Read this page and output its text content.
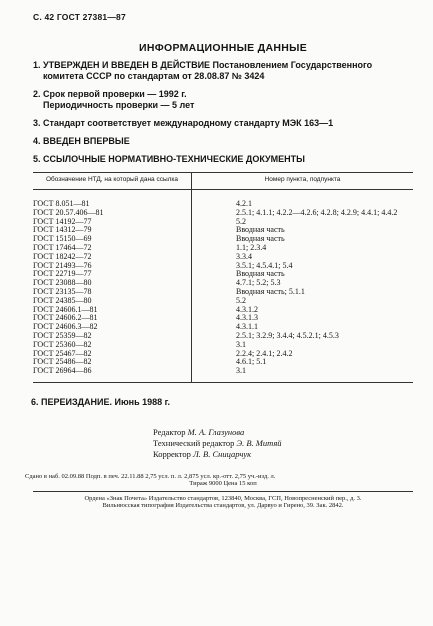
С. 42 ГОСТ 27381—87
ИНФОРМАЦИОННЫЕ ДАННЫЕ
1. УТВЕРЖДЕН И ВВЕДЕН В ДЕЙСТВИЕ Постановлением Государственного комитета СССР по стандартам от 28.08.87 № 3424
2. Срок первой проверки — 1992 г.
Периодичность проверки — 5 лет
3. Стандарт соответствует международному стандарту МЭК 163—1
4. ВВЕДЕН ВПЕРВЫЕ
5. ССЫЛОЧНЫЕ НОРМАТИВНО-ТЕХНИЧЕСКИЕ ДОКУМЕНТЫ
Обозначение НТД, на который дана ссылка	Номер пункта, подпункта
ГОСТ 8.051—81	4.2.1
ГОСТ 20.57.406—81	2.5.1; 4.1.1; 4.2.2—4.2.6; 4.2.8; 4.2.9; 4.4.1; 4.4.2
ГОСТ 14192—77	5.2
ГОСТ 14312—79	Вводная часть
ГОСТ 15150—69	Вводная часть
ГОСТ 17464—72	1.1; 2.3.4
ГОСТ 18242—72	3.3.4
ГОСТ 21493—76	3.5.1; 4.5.4.1; 5.4
ГОСТ 22719—77	Вводная часть
ГОСТ 23088—80	4.7.1; 5.2; 5.3
ГОСТ 23135—78	Вводная часть; 5.1.1
ГОСТ 24385—80	5.2
ГОСТ 24606.1—81	4.3.1.2
ГОСТ 24606.2—81	4.3.1.3
ГОСТ 24606.3—82	4.3.1.1
ГОСТ 25359—82	2.5.1; 3.2.9; 3.4.4; 4.5.2.1; 4.5.3
ГОСТ 25360—82	3.1
ГОСТ 25467—82	2.2.4; 2.4.1; 2.4.2
ГОСТ 25486—82	4.6.1; 5.1
ГОСТ 26964—86	3.1
6. ПЕРЕИЗДАНИЕ. Июнь 1988 г.
Редактор М. А. Глазунова
Технический редактор Э. В. Митяй
Корректор Л. В. Сницарчук
Сдано в наб. 02.09.88 Подп. в печ. 22.11.88 2,75 усл. п. л. 2,875 усл. кр.-отт. 2,75 уч.-изд. л.
Тираж 9000 Цена 15 коп
Ордена «Знак Почета» Издательство стандартов, 123840, Москва, ГСП, Новопресненский пер., д. 3.
Вильнюсская типография Издательства стандартов, ул. Дарвуо и Гирено, 39. Зак. 2842.
